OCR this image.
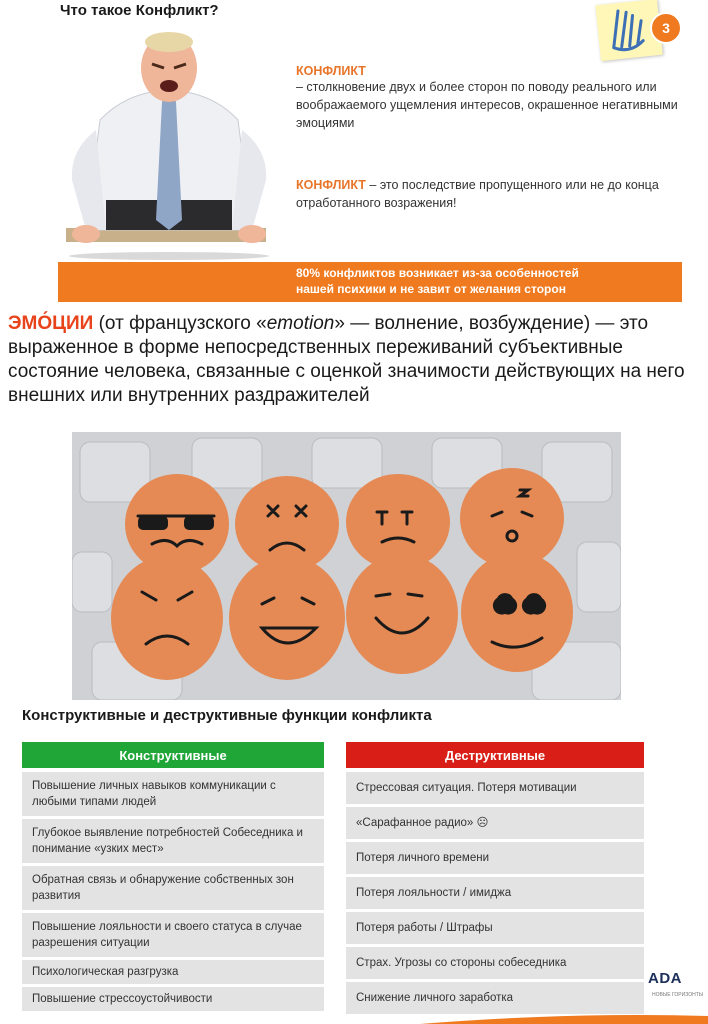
Что такое Конфликт?
КОНФЛИКТ
– столкновение двух и более сторон по поводу реального или воображаемого ущемления интересов, окрашенное негативными эмоциями
КОНФЛИКТ – это последствие пропущенного или не до конца отработанного возражения!
3
80% конфликтов возникает из-за особенностей
нашей психики и не завит от желания сторон
ЭМО́ЦИИ (от французского «emotion» — волнение, возбуждение) — это выраженное в форме непосредственных переживаний субъективные состояние человека, связанные с оценкой значимости действующих на него внешних или внутренних раздражителей
Конструктивные и деструктивные функции конфликта
Конструктивные
Повышение личных навыков коммуникации с любыми типами людей
Глубокое выявление потребностей Собеседника и понимание «узких мест»
Обратная связь и обнаружение собственных зон развития
Повышение лояльности и своего статуса в случае разрешения ситуации
Психологическая разгрузка
Повышение стрессоустойчивости
Деструктивные
Стрессовая ситуация. Потеря мотивации
«Сарафанное радио» ☹
Потеря личного времени
Потеря лояльности / имиджа
Потеря работы / Штрафы
Страх. Угрозы со стороны собеседника
Снижение личного заработка
ADA
НОВЫЕ ГОРИЗОНТЫ
